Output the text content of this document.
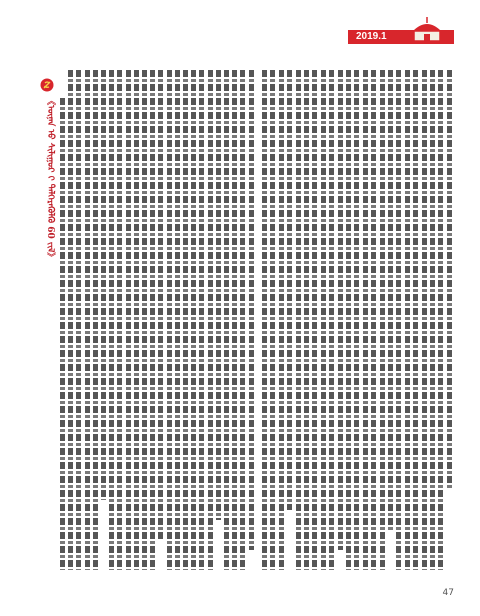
2019.1
《ᠦᠨᠡᠨ ᠦ᠋ ᠰᠢᠯᠢᠭᠤᠷ ᠢ᠋ ᠳᠡᠯᠭᠡᠷᠡᠭᠦᠯᠬᠦ 60 ᠵᠢᠯ》
47
